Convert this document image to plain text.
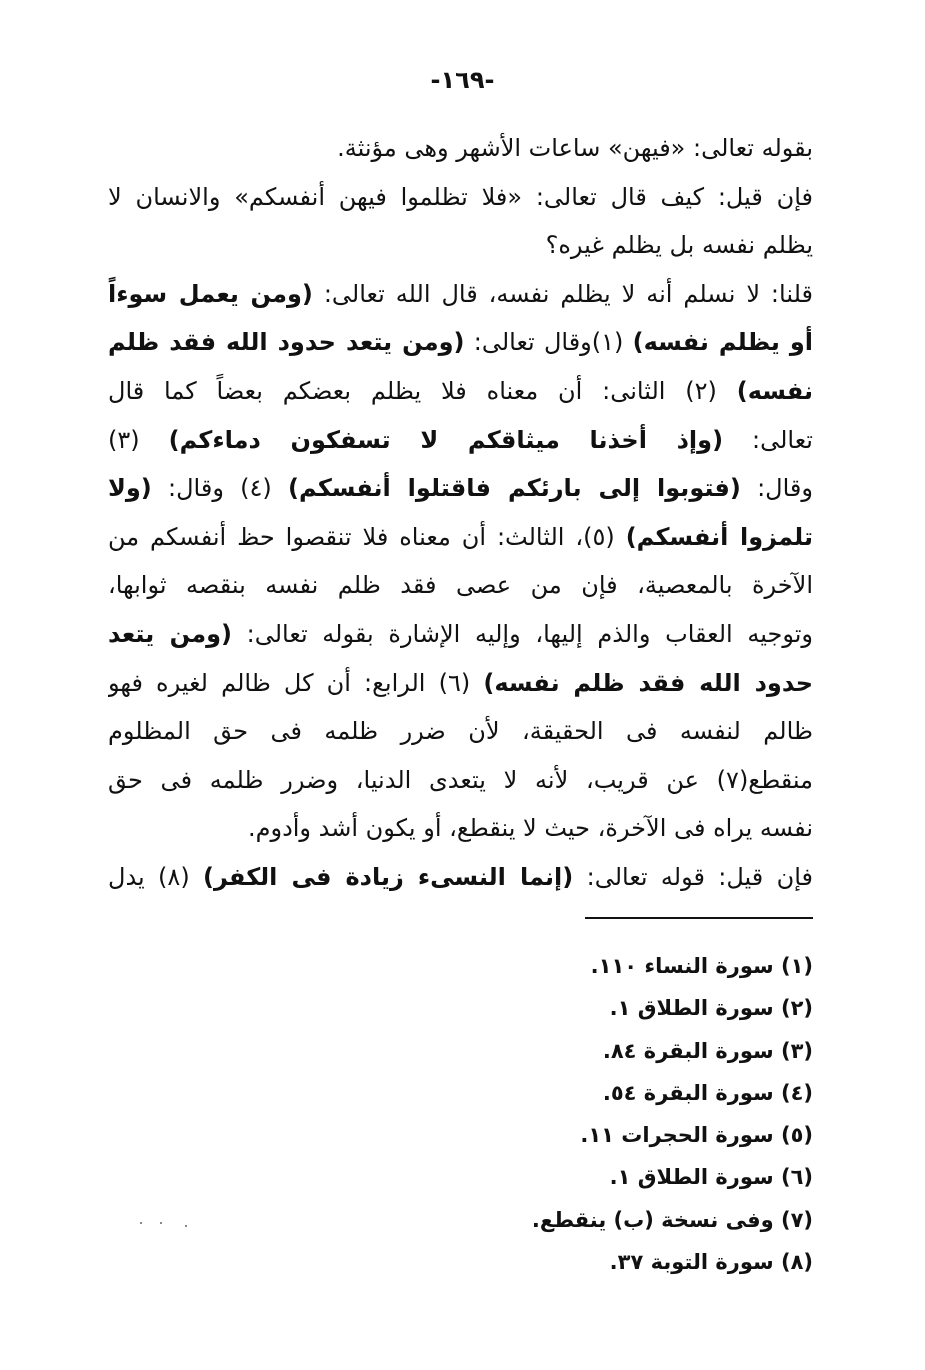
-١٦٩-
بقوله تعالى: «فيهن» ساعات الأشهر وهى مؤنثة.
فإن قيل: كيف قال تعالى: «فلا تظلموا فيهن أنفسكم» والانسان لا
يظلم نفسه بل يظلم غيره؟
قلنا: لا نسلم أنه لا يظلم نفسه، قال الله تعالى: (ومن يعمل سوءاً
أو يظلم نفسه) (١)وقال تعالى: (ومن يتعد حدود الله فقد ظلم
نفسه) (٢) الثانى: أن معناه فلا يظلم بعضكم بعضاً كما قال
تعالى: (وإذ أخذنا ميثاقكم لا تسفكون دماءكم) (٣)
وقال: (فتوبوا إلى بارئكم فاقتلوا أنفسكم) (٤) وقال: (ولا
تلمزوا أنفسكم) (٥)، الثالث: أن معناه فلا تنقصوا حظ أنفسكم من
الآخرة بالمعصية، فإن من عصى فقد ظلم نفسه بنقصه ثوابها،
وتوجيه العقاب والذم إليها، وإليه الإشارة بقوله تعالى: (ومن يتعد
حدود الله فقد ظلم نفسه) (٦) الرابع: أن كل ظالم لغيره فهو
ظالم لنفسه فى الحقيقة، لأن ضرر ظلمه فى حق المظلوم
منقطع(٧) عن قريب، لأنه لا يتعدى الدنيا، وضرر ظلمه فى حق
نفسه يراه فى الآخرة، حيث لا ينقطع، أو يكون أشد وأدوم.
فإن قيل: قوله تعالى: (إنما النسىء زيادة فى الكفر) (٨) يدل
(١) سورة النساء ١١٠.
(٢) سورة الطلاق ١.
(٣) سورة البقرة ٨٤.
(٤) سورة البقرة ٥٤.
(٥) سورة الحجرات ١١.
(٦) سورة الطلاق ١.
(٧) وفى نسخة (ب) ينقطع.
(٨) سورة التوبة ٣٧.
